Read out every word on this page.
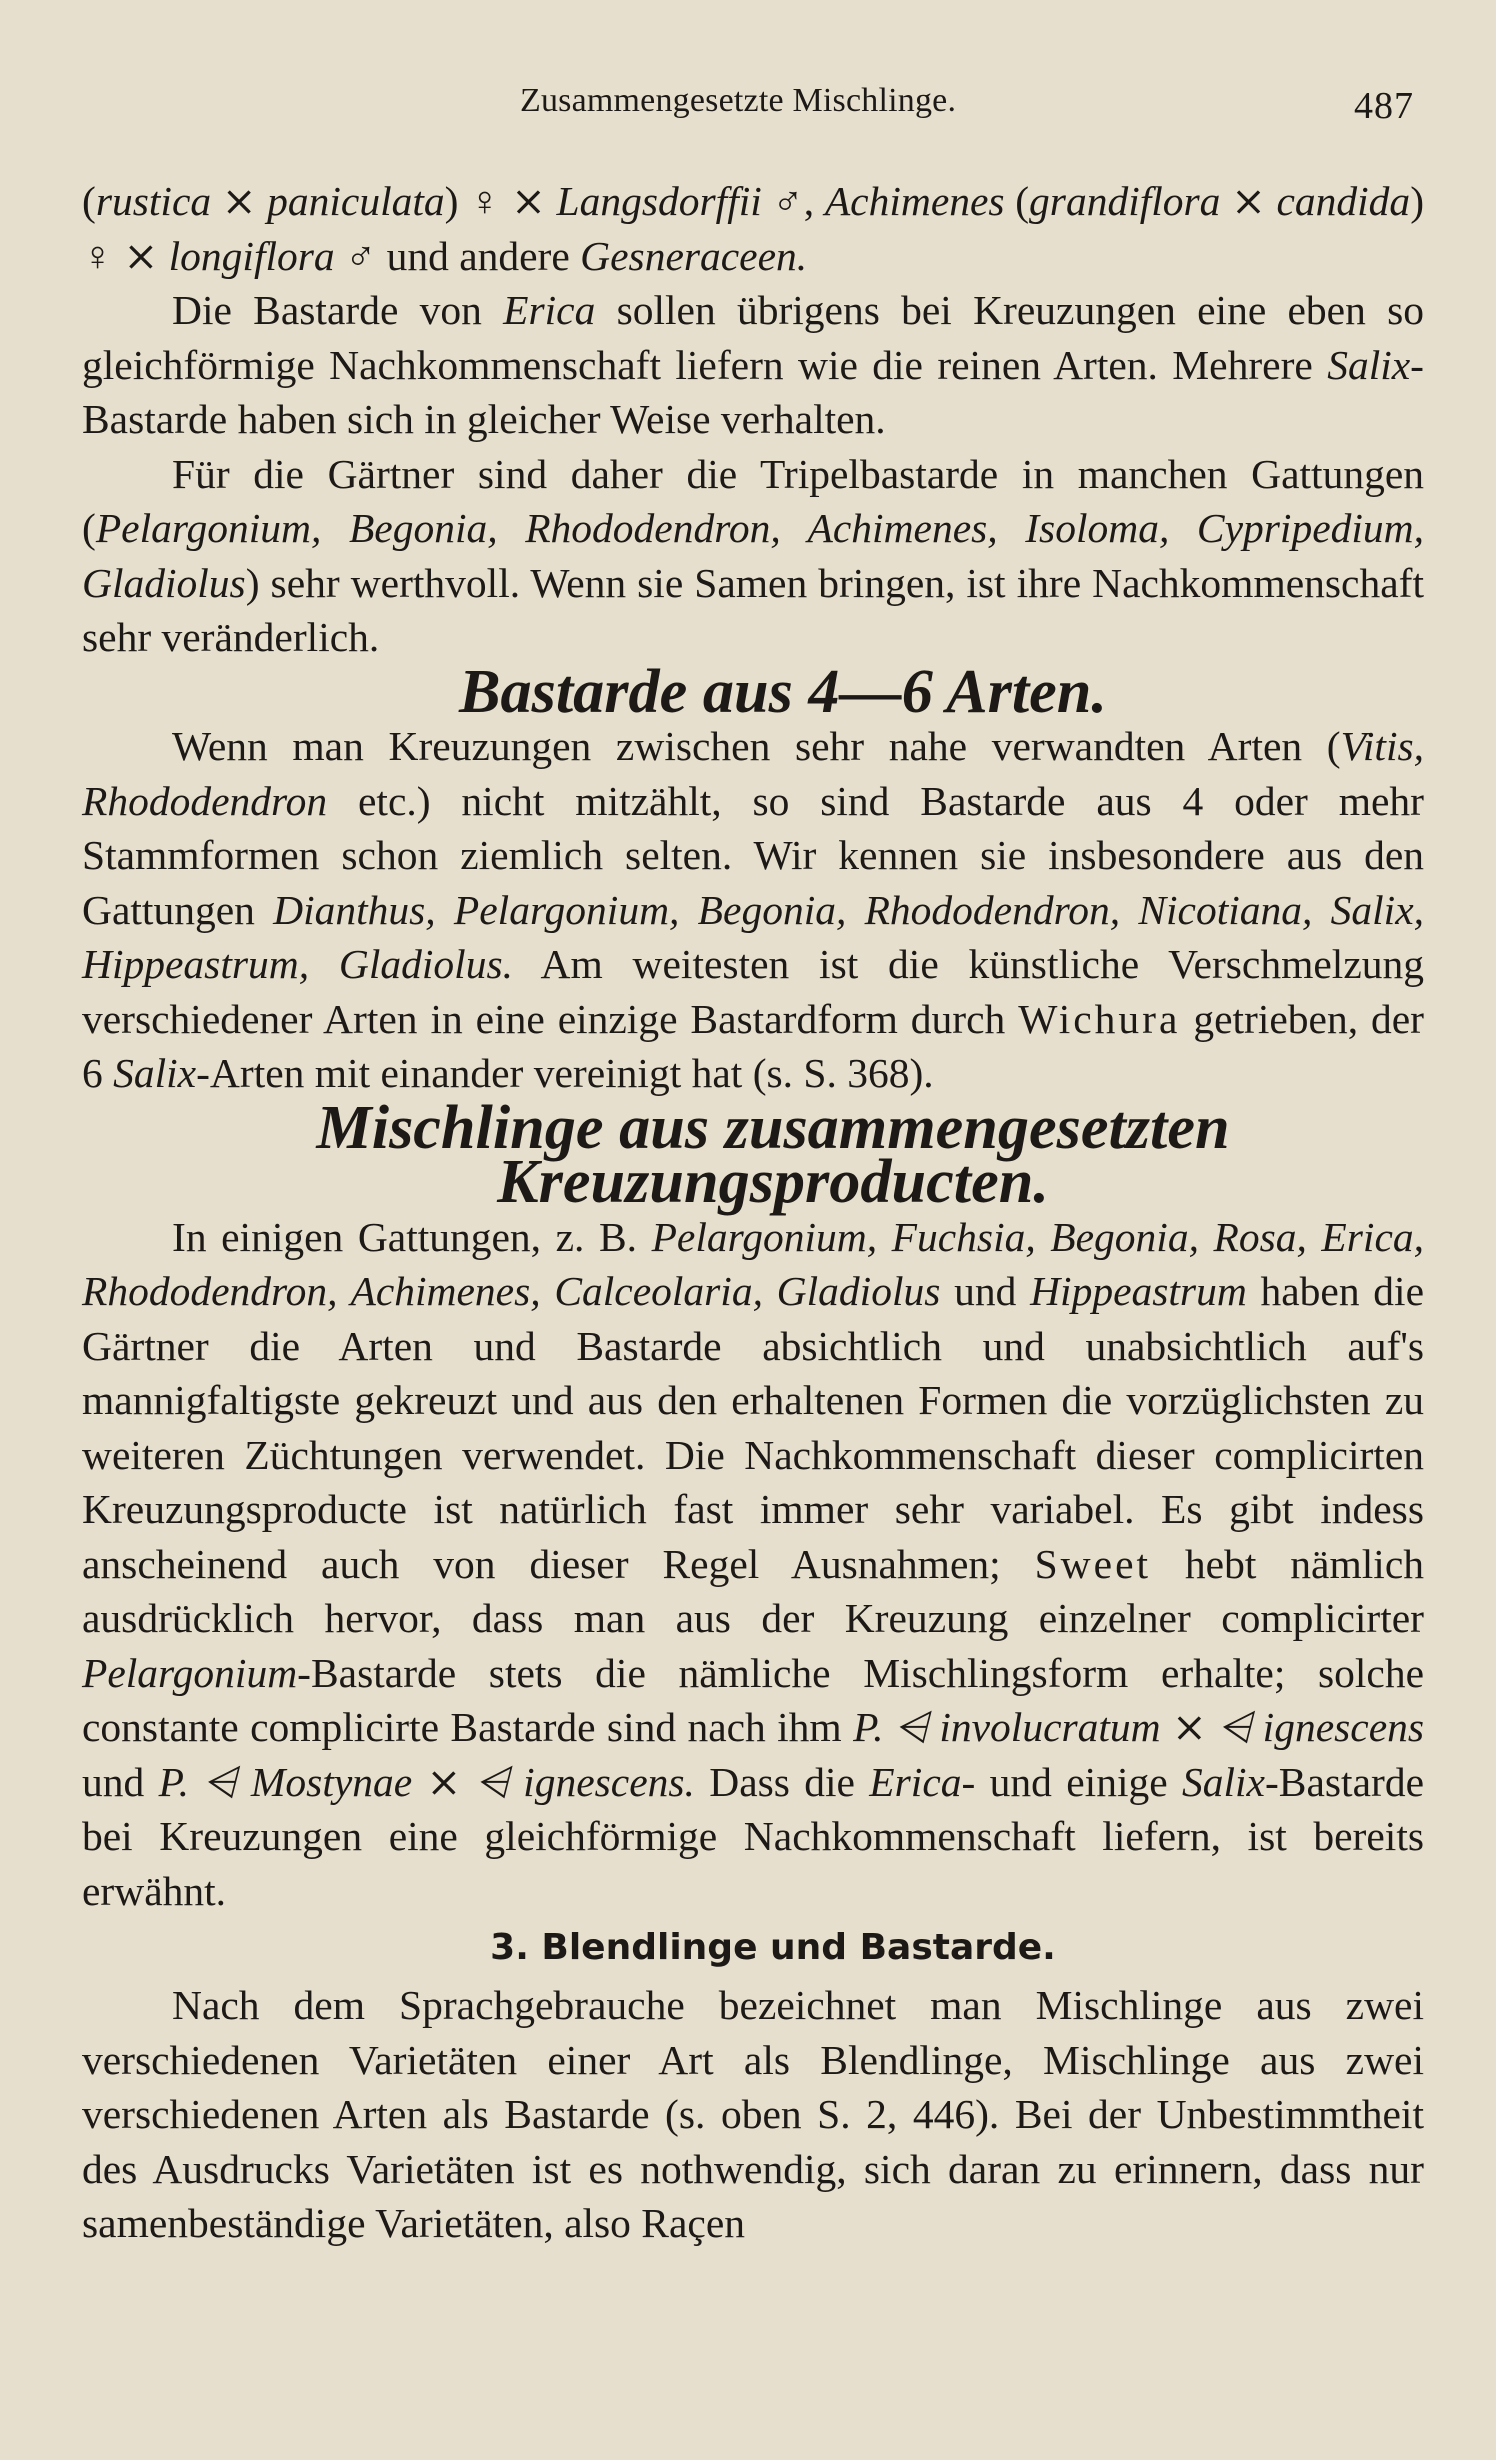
Zusammengesetzte Mischlinge.	487

(rustica ⨯ paniculata) ♀ ⨯ Langsdorffii ♂, Achimenes (grandiflora ⨯ candida) ♀ ⨯ longiflora ♂ und andere Gesneraceen.

Die Bastarde von Erica sollen übrigens bei Kreuzungen eine eben so gleichförmige Nachkommenschaft liefern wie die reinen Arten. Mehrere Salix-Bastarde haben sich in gleicher Weise verhalten.

Für die Gärtner sind daher die Tripelbastarde in manchen Gattungen (Pelargonium, Begonia, Rhododendron, Achimenes, Isoloma, Cypripedium, Gladiolus) sehr werthvoll. Wenn sie Samen bringen, ist ihre Nachkommenschaft sehr veränderlich.

Bastarde aus 4—6 Arten.

Wenn man Kreuzungen zwischen sehr nahe verwandten Arten (Vitis, Rhododendron etc.) nicht mitzählt, so sind Bastarde aus 4 oder mehr Stammformen schon ziemlich selten. Wir kennen sie insbesondere aus den Gattungen Dianthus, Pelargonium, Begonia, Rhododendron, Nicotiana, Salix, Hippeastrum, Gladiolus. Am weitesten ist die künstliche Verschmelzung verschiedener Arten in eine einzige Bastardform durch Wichura getrieben, der 6 Salix-Arten mit einander vereinigt hat (s. S. 368).

Mischlinge aus zusammengesetzten Kreuzungsproducten.

In einigen Gattungen, z. B. Pelargonium, Fuchsia, Begonia, Rosa, Erica, Rhododendron, Achimenes, Calceolaria, Gladiolus und Hippeastrum haben die Gärtner die Arten und Bastarde absichtlich und unabsichtlich auf's mannigfaltigste gekreuzt und aus den erhaltenen Formen die vorzüglichsten zu weiteren Züchtungen verwendet. Die Nachkommenschaft dieser complicirten Kreuzungsproducte ist natürlich fast immer sehr variabel. Es gibt indess anscheinend auch von dieser Regel Ausnahmen; Sweet hebt nämlich ausdrücklich hervor, dass man aus der Kreuzung einzelner complicirter Pelargonium-Bastarde stets die nämliche Mischlingsform erhalte; solche constante complicirte Bastarde sind nach ihm P. ⩤ involucratum ⨯ ⩤ ignescens und P. ⩤ Mostynae ⨯ ⩤ ignescens. Dass die Erica- und einige Salix-Bastarde bei Kreuzungen eine gleichförmige Nachkommenschaft liefern, ist bereits erwähnt.

3. Blendlinge und Bastarde.

Nach dem Sprachgebrauche bezeichnet man Mischlinge aus zwei verschiedenen Varietäten einer Art als Blendlinge, Mischlinge aus zwei verschiedenen Arten als Bastarde (s. oben S. 2, 446). Bei der Unbestimmtheit des Ausdrucks Varietäten ist es nothwendig, sich daran zu erinnern, dass nur samenbeständige Varietäten, also Raçen
